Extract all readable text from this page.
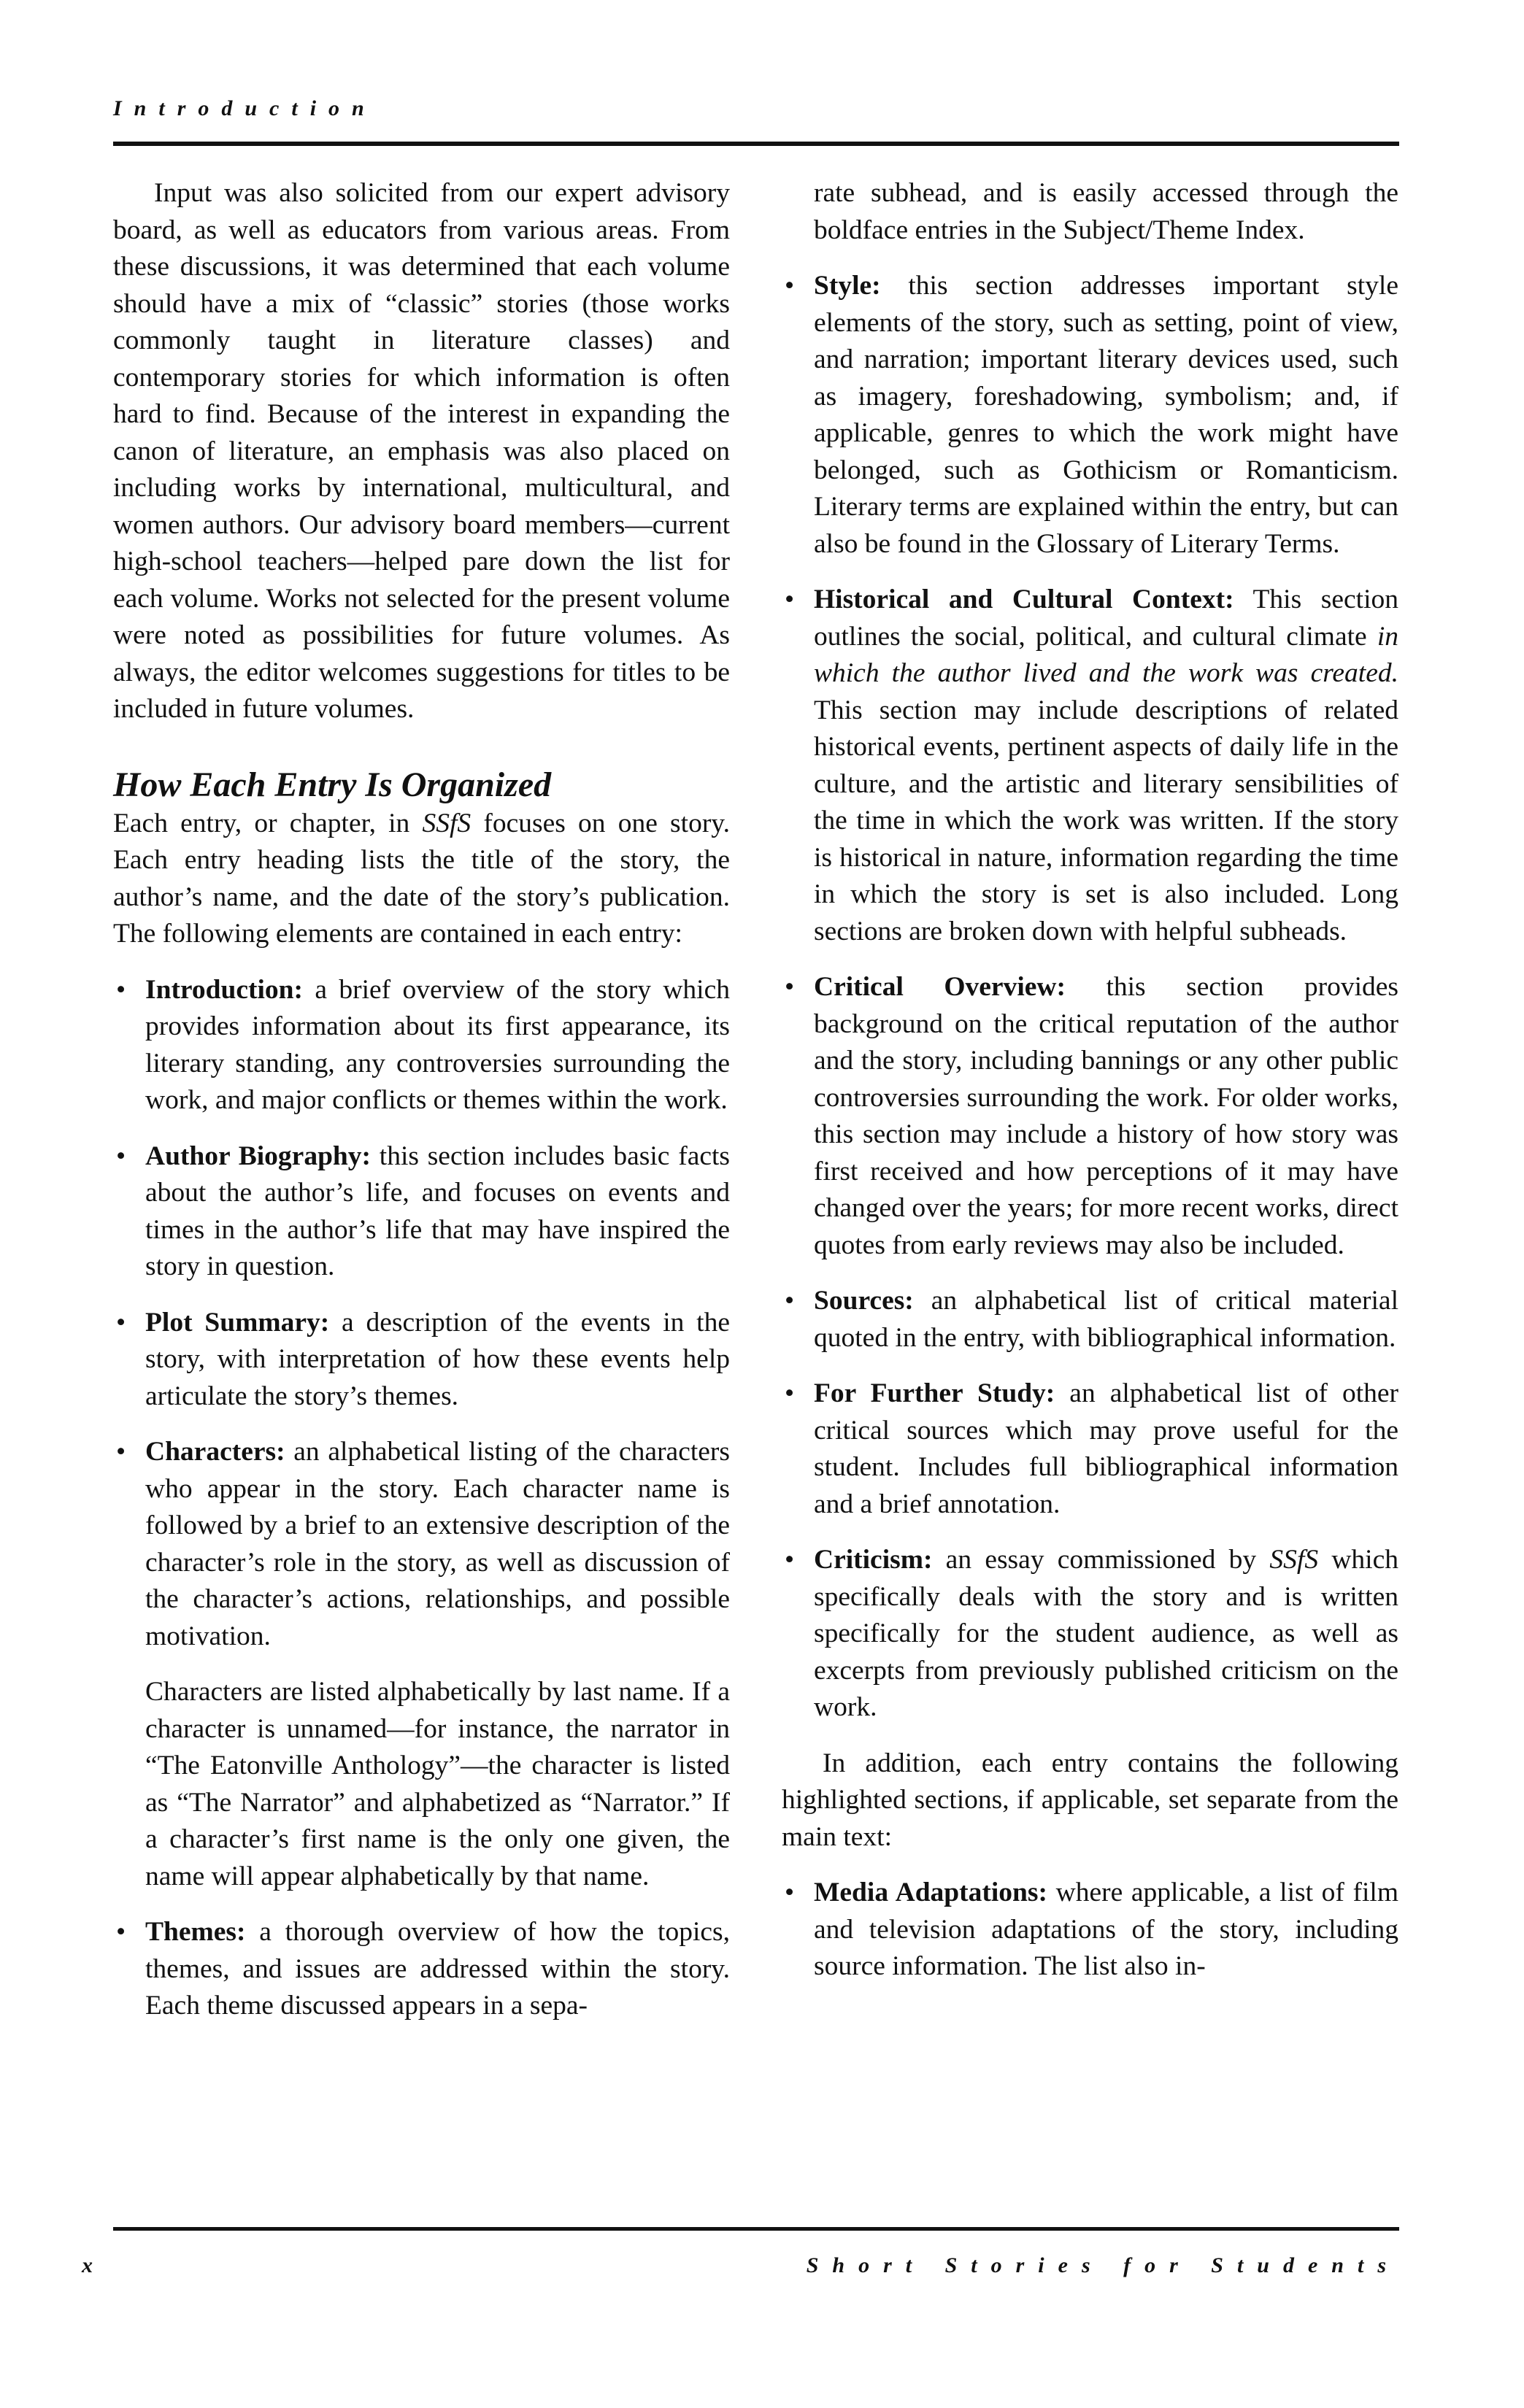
Introduction

Input was also solicited from our expert advisory board, as well as educators from various areas. From these discussions, it was determined that each volume should have a mix of “classic” stories (those works commonly taught in literature classes) and contemporary stories for which information is often hard to find. Because of the interest in expanding the canon of literature, an emphasis was also placed on including works by international, multicultural, and women authors. Our advisory board members—current high-school teachers—helped pare down the list for each volume. Works not selected for the present volume were noted as possibilities for future volumes. As always, the editor welcomes suggestions for titles to be included in future volumes.

How Each Entry Is Organized

Each entry, or chapter, in SSfS focuses on one story. Each entry heading lists the title of the story, the author’s name, and the date of the story’s publication. The following elements are contained in each entry:

• Introduction: a brief overview of the story which provides information about its first appearance, its literary standing, any controversies surrounding the work, and major conflicts or themes within the work.
• Author Biography: this section includes basic facts about the author’s life, and focuses on events and times in the author’s life that may have inspired the story in question.
• Plot Summary: a description of the events in the story, with interpretation of how these events help articulate the story’s themes.
• Characters: an alphabetical listing of the characters who appear in the story. Each character name is followed by a brief to an extensive description of the character’s role in the story, as well as discussion of the character’s actions, relationships, and possible motivation.

Characters are listed alphabetically by last name. If a character is unnamed—for instance, the narrator in “The Eatonville Anthology”—the character is listed as “The Narrator” and alphabetized as “Narrator.” If a character’s first name is the only one given, the name will appear alphabetically by that name.

• Themes: a thorough overview of how the topics, themes, and issues are addressed within the story. Each theme discussed appears in a sepa-

rate subhead, and is easily accessed through the boldface entries in the Subject/Theme Index.

• Style: this section addresses important style elements of the story, such as setting, point of view, and narration; important literary devices used, such as imagery, foreshadowing, symbolism; and, if applicable, genres to which the work might have belonged, such as Gothicism or Romanticism. Literary terms are explained within the entry, but can also be found in the Glossary of Literary Terms.
• Historical and Cultural Context: This section outlines the social, political, and cultural climate in which the author lived and the work was created. This section may include descriptions of related historical events, pertinent aspects of daily life in the culture, and the artistic and literary sensibilities of the time in which the work was written. If the story is historical in nature, information regarding the time in which the story is set is also included. Long sections are broken down with helpful subheads.
• Critical Overview: this section provides background on the critical reputation of the author and the story, including bannings or any other public controversies surrounding the work. For older works, this section may include a history of how story was first received and how perceptions of it may have changed over the years; for more recent works, direct quotes from early reviews may also be included.
• Sources: an alphabetical list of critical material quoted in the entry, with bibliographical information.
• For Further Study: an alphabetical list of other critical sources which may prove useful for the student. Includes full bibliographical information and a brief annotation.
• Criticism: an essay commissioned by SSfS which specifically deals with the story and is written specifically for the student audience, as well as excerpts from previously published criticism on the work.

In addition, each entry contains the following highlighted sections, if applicable, set separate from the main text:

• Media Adaptations: where applicable, a list of film and television adaptations of the story, including source information. The list also in-
x	Short Stories for Students
